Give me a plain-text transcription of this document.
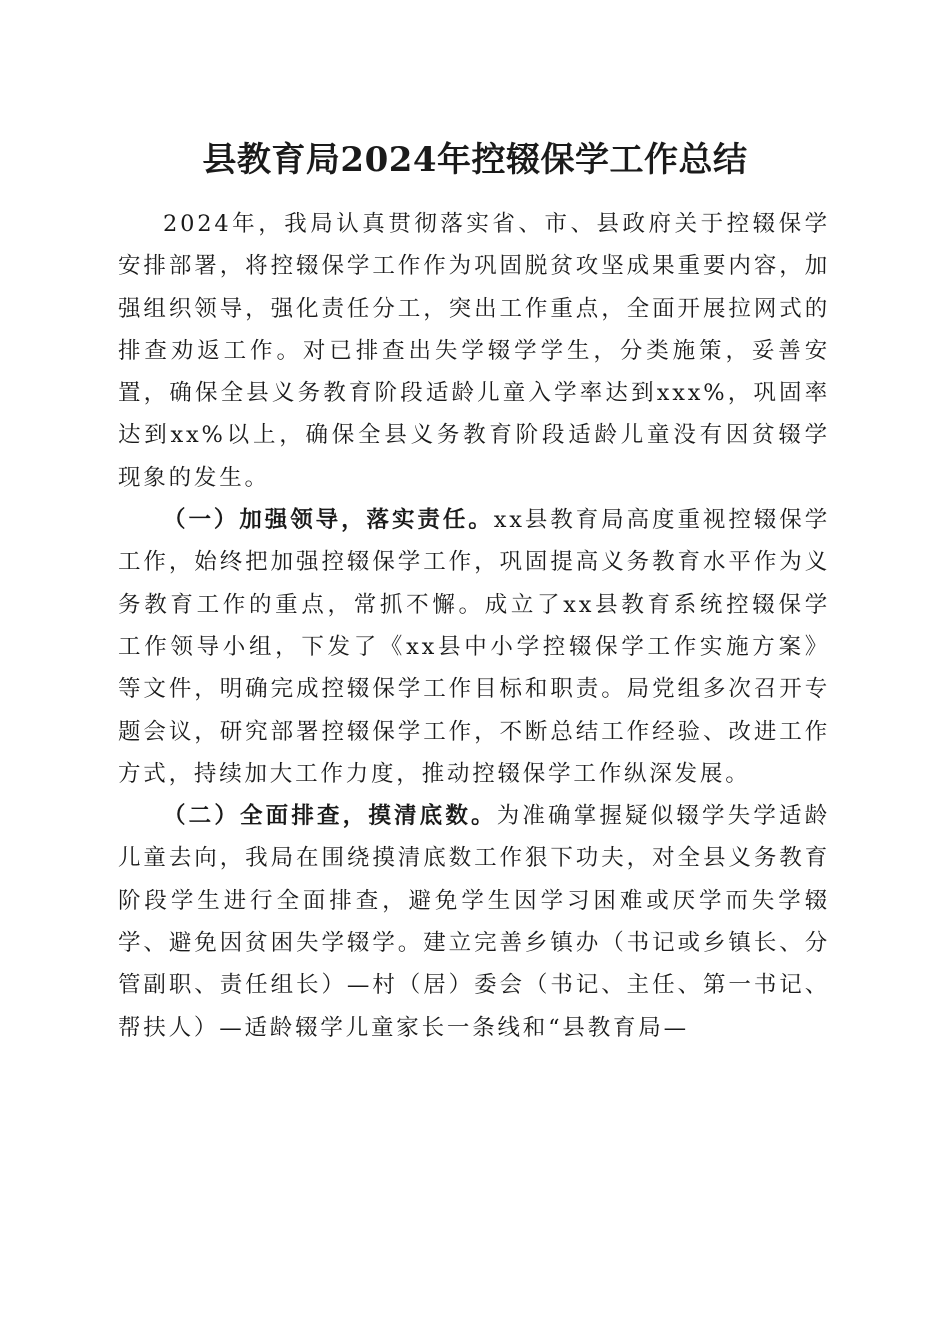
县教育局2024年控辍保学工作总结

2024年，我局认真贯彻落实省、市、县政府关于控辍保学安排部署，将控辍保学工作作为巩固脱贫攻坚成果重要内容，加强组织领导，强化责任分工，突出工作重点，全面开展拉网式的排查劝返工作。对已排查出失学辍学学生，分类施策，妥善安置，确保全县义务教育阶段适龄儿童入学率达到xxx%，巩固率达到xx%以上，确保全县义务教育阶段适龄儿童没有因贫辍学现象的发生。

（一）加强领导，落实责任。xx县教育局高度重视控辍保学工作，始终把加强控辍保学工作，巩固提高义务教育水平作为义务教育工作的重点，常抓不懈。成立了xx县教育系统控辍保学工作领导小组，下发了《xx县中小学控辍保学工作实施方案》等文件，明确完成控辍保学工作目标和职责。局党组多次召开专题会议，研究部署控辍保学工作，不断总结工作经验、改进工作方式，持续加大工作力度，推动控辍保学工作纵深发展。

（二）全面排查，摸清底数。为准确掌握疑似辍学失学适龄儿童去向，我局在围绕摸清底数工作狠下功夫，对全县义务教育阶段学生进行全面排查，避免学生因学习困难或厌学而失学辍学、避免因贫困失学辍学。建立完善乡镇办（书记或乡镇长、分管副职、责任组长）—村（居）委会（书记、主任、第一书记、帮扶人）—适龄辍学儿童家长一条线和“县教育局—
